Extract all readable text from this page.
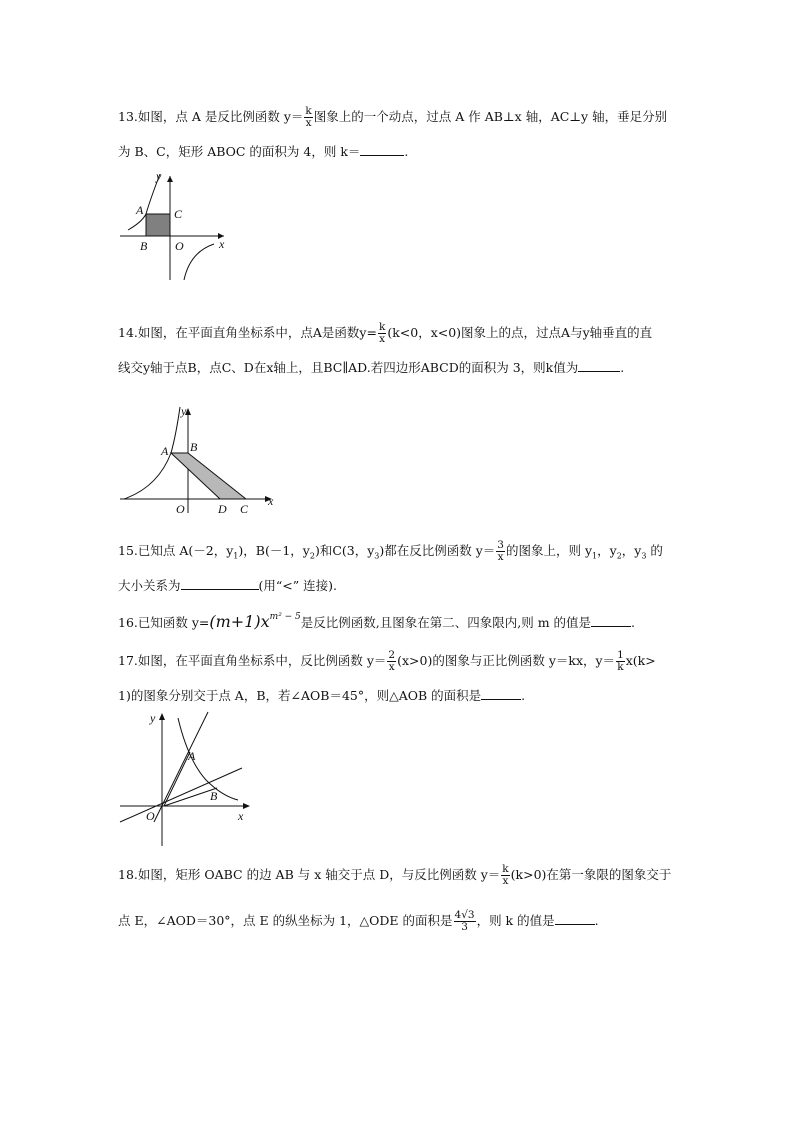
13.如图，点 A 是反比例函数 $y= \frac{k}{x}$ 图象上的一个动点，过点 A 作 AB⊥x 轴，AC⊥y 轴，垂足分别
为 B、C，矩形 ABOC 的面积为 4，则 k＝	.
y
x
A	C
B O
14.如图，在平面直角坐标系中，点A是函数$y= \frac{k}{x} (k<0$，x<0)图象上的点，过点A与y轴垂直的直
线交y轴于点B，点C、D在x轴上，且BC∥AD.若四边形ABCD的面积为 3，则k值为	.
y
x
A B
O	D C
15.已知点 A(－2，$y_1$)，B(－1，$y_2$)和C(3，$y_3$)都在反比例函数 $y= \frac{3}{x}$ 的图象上，则 $y_1$，$y_2$，$y_3$ 的
大小关系为	(用“<” 连接).
16.已知函数 $y=(m+1)x^{m^2 - 5}$是反比例函数,且图象在第二、四象限内,则 m 的值是	.
17.如图，在平面直角坐标系中，反比例函数 $y= \frac{2}{x} (x>0)$的图象与正比例函数 y＝kx，$y= \frac{1}{k} x(k>$
1)的图象分别交于点 A，B，若∠AOB＝45°，则△AOB 的面积是	.
y
x
A
B
O
18.如图，矩形 OABC 的边 AB 与 x 轴交于点 D，与反比例函数 $y= \frac{k}{x} (k>0)$在第一象限的图象交于
点 E，∠AOD＝30°，点 E 的纵坐标为 1，△ODE 的面积是 $\frac{4√3}{3}$ ，则 k 的值是	.
